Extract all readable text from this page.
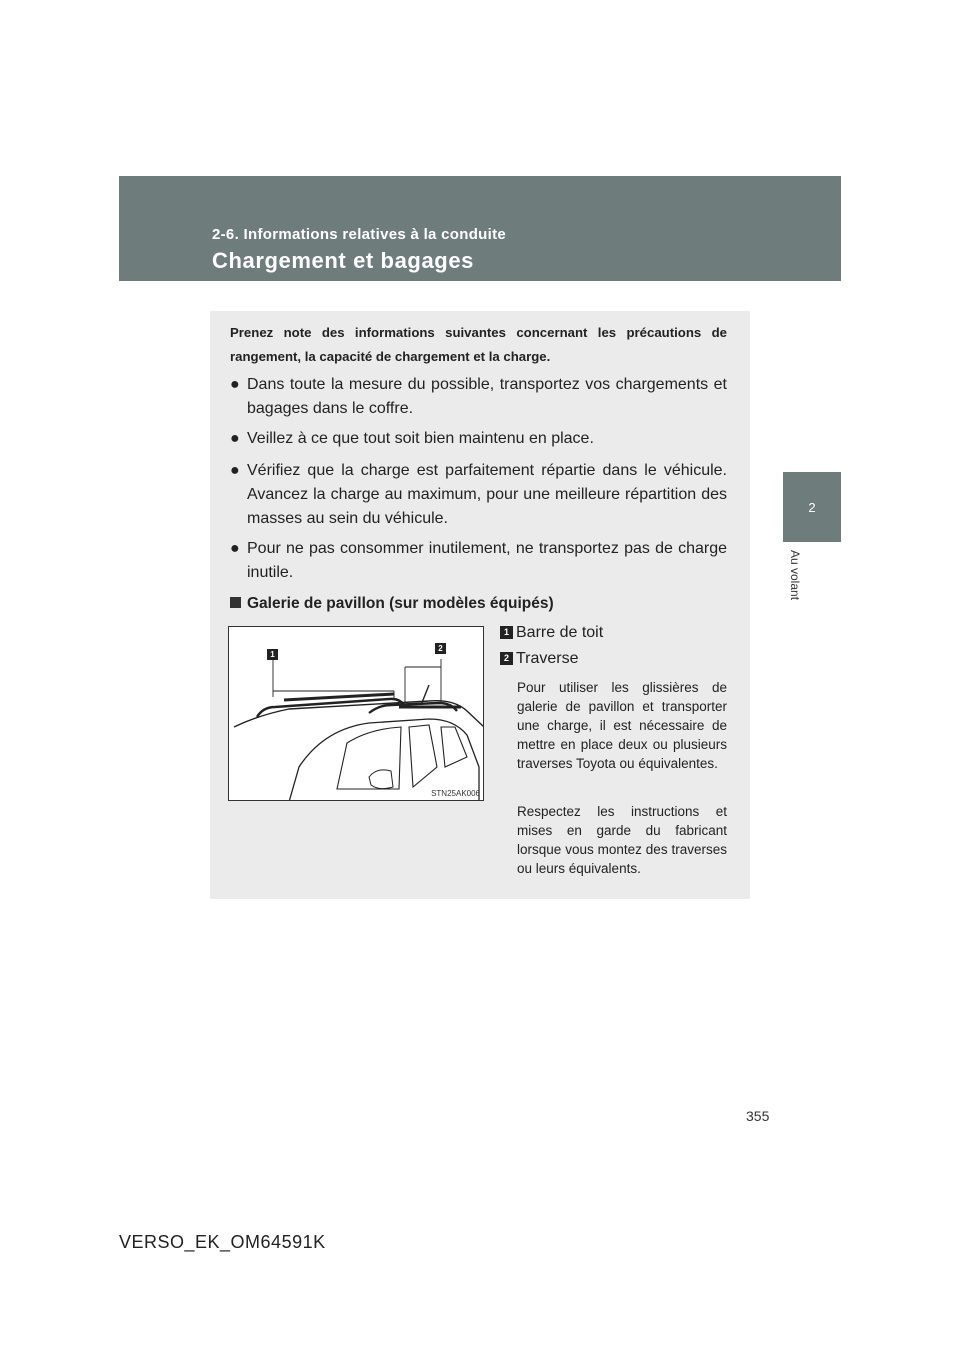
2-6. Informations relatives à la conduite

Chargement et bagages
2
Au volant

Prenez note des informations suivantes concernant les précautions de rangement, la capacité de chargement et la charge.

● Dans toute la mesure du possible, transportez vos chargements et bagages dans le coffre.
● Veillez à ce que tout soit bien maintenu en place.
● Vérifiez que la charge est parfaitement répartie dans le véhicule. Avancez la charge au maximum, pour une meilleure répartition des masses au sein du véhicule.
● Pour ne pas consommer inutilement, ne transportez pas de charge inutile.
Galerie de pavillon (sur modèles équipés)
1
2
STN25AK006
1 Barre de toit
2 Traverse

Pour utiliser les glissières de galerie de pavillon et transporter une charge, il est nécessaire de mettre en place deux ou plusieurs traverses Toyota ou équivalentes.

Respectez les instructions et mises en garde du fabricant lorsque vous montez des traverses ou leurs équivalents.

355
VERSO_EK_OM64591K
